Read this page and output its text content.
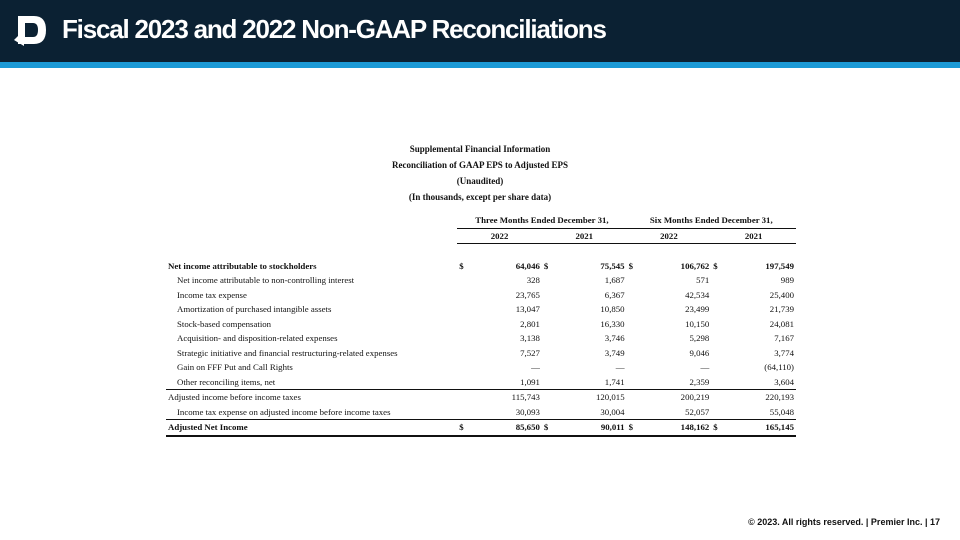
Fiscal 2023 and 2022 Non-GAAP Reconciliations
Supplemental Financial Information
Reconciliation of GAAP EPS to Adjusted EPS
(Unaudited)
(In thousands, except per share data)
	Three Months Ended December 31,				Six Months Ended December 31,			
	2022		2021		2022		2021	

Net income attributable to stockholders	$	64,046	$	75,545	$	106,762	$	197,549
Net income attributable to non-controlling interest		328		1,687		571		989
Income tax expense		23,765		6,367		42,534		25,400
Amortization of purchased intangible assets		13,047		10,850		23,499		21,739
Stock-based compensation		2,801		16,330		10,150		24,081
Acquisition- and disposition-related expenses		3,138		3,746		5,298		7,167
Strategic initiative and financial restructuring-related expenses		7,527		3,749		9,046		3,774
Gain on FFF Put and Call Rights		—		—		—		(64,110)
Other reconciling items, net		1,091		1,741		2,359		3,604
Adjusted income before income taxes		115,743		120,015		200,219		220,193
Income tax expense on adjusted income before income taxes		30,093		30,004		52,057		55,048
Adjusted Net Income	$	85,650	$	90,011	$	148,162	$	165,145
© 2023. All rights reserved. | Premier Inc. | 17
